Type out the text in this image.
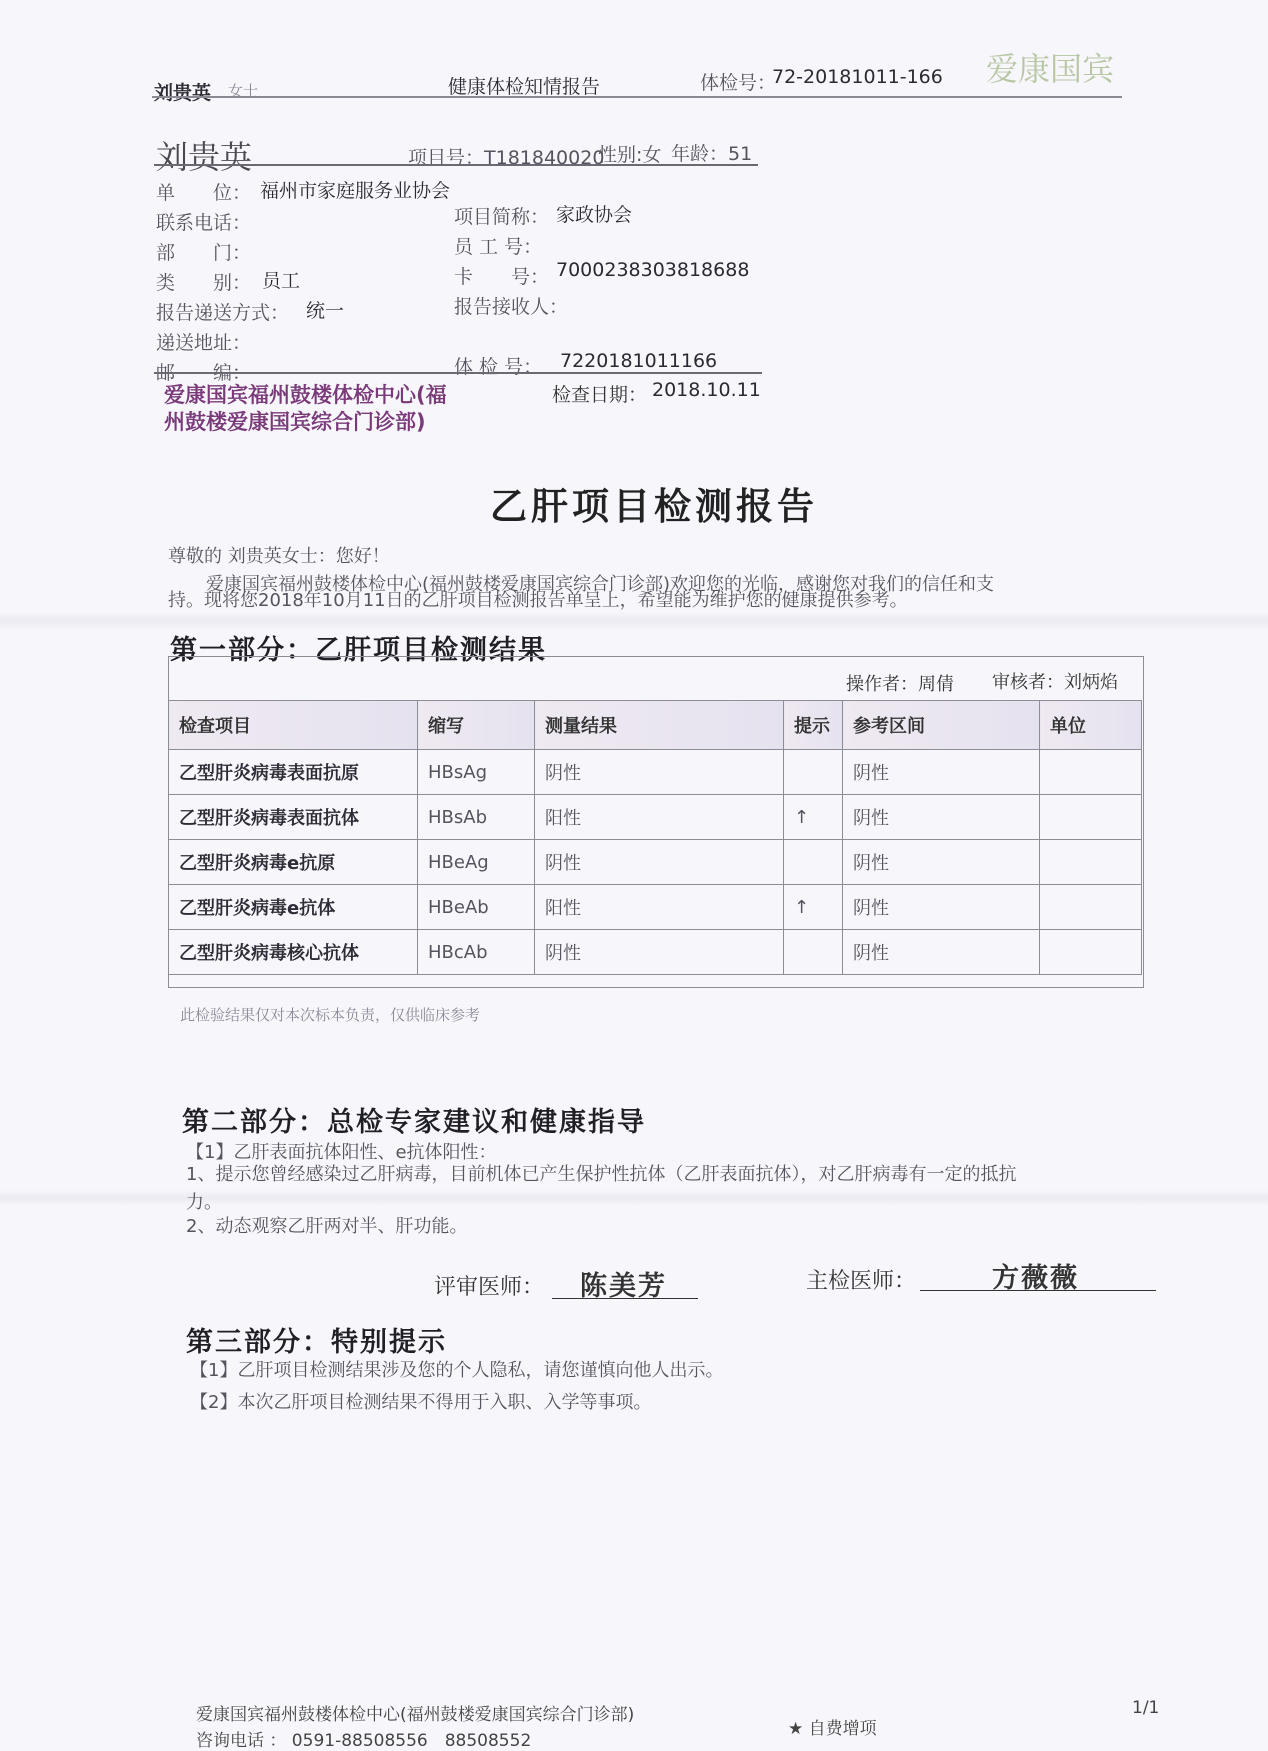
刘贵英 女士	健康体检知情报告	体检号：
72-20181011-166 爱康国宾
刘贵英	项目号：T181840020
性别:女 年龄：51
单　　位： 福州市家庭服务业协会
联系电话：
部　　门：
类　　别： 员工
报告递送方式： 统一
递送地址：
邮　　编：
项目简称： 家政协会
员 工 号：
卡　　号： 7000238303818688
报告接收人：
体 检 号： 7220181011166
爱康国宾福州鼓楼体检中心(福州鼓楼爱康国宾综合门诊部)
检查日期： 2018.10.11
乙肝项目检测报告
尊敬的 刘贵英女士：您好！
爱康国宾福州鼓楼体检中心(福州鼓楼爱康国宾综合门诊部)欢迎您的光临，感谢您对我们的信任和支
持。现将您2018年10月11日的乙肝项目检测报告单呈上，希望能为维护您的健康提供参考。
第一部分：乙肝项目检测结果
操作者：周倩 审核者：刘炳焰
检查项目	缩写	测量结果	提示	参考区间	单位
乙型肝炎病毒表面抗原	HBsAg	阴性		阴性	
乙型肝炎病毒表面抗体	HBsAb	阳性	↑	阴性	
乙型肝炎病毒e抗原	HBeAg	阴性		阴性	
乙型肝炎病毒e抗体	HBeAb	阳性	↑	阴性	
乙型肝炎病毒核心抗体	HBcAb	阴性		阴性	
此检验结果仅对本次标本负责，仅供临床参考
第二部分：总检专家建议和健康指导
【1】乙肝表面抗体阳性、e抗体阳性：
1、提示您曾经感染过乙肝病毒，目前机体已产生保护性抗体（乙肝表面抗体），对乙肝病毒有一定的抵抗
力。
2、动态观察乙肝两对半、肝功能。
评审医师： 陈美芳	主检医师：	方薇薇
第三部分：特别提示
【1】乙肝项目检测结果涉及您的个人隐私，请您谨慎向他人出示。
【2】本次乙肝项目检测结果不得用于入职、入学等事项。
爱康国宾福州鼓楼体检中心(福州鼓楼爱康国宾综合门诊部)
咨询电话 ： 0591-88508556　88508552
★ 自费增项
1/1
